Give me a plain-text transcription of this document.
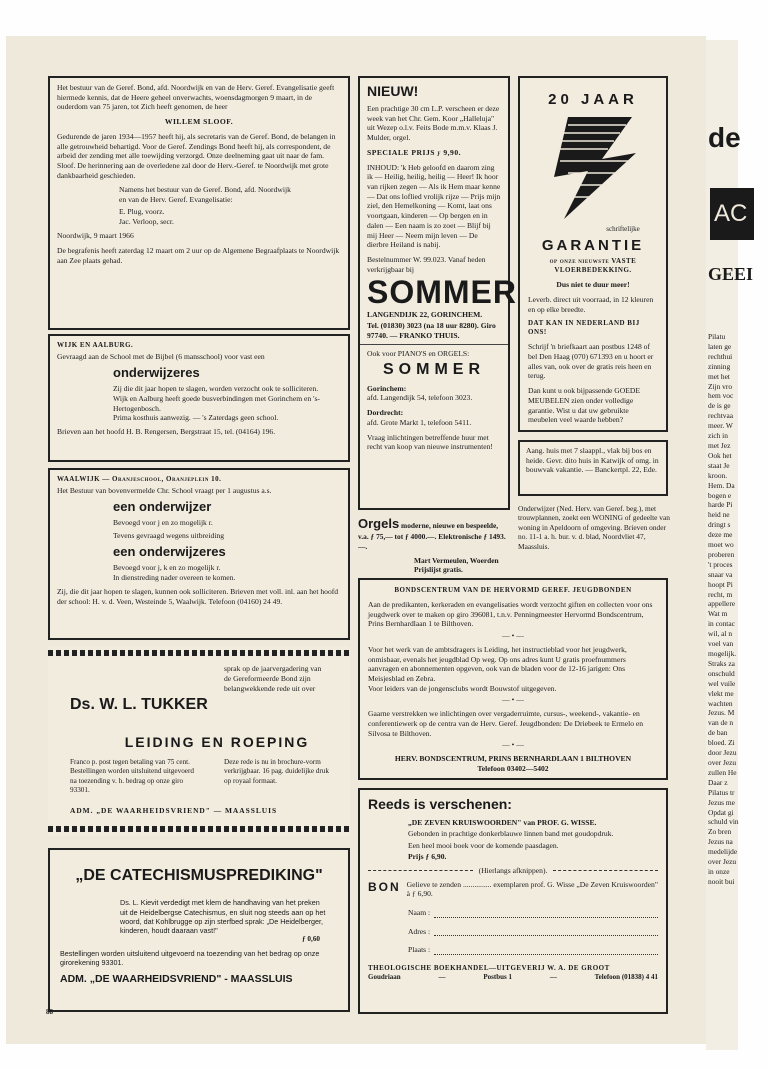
Het bestuur van de Geref. Bond, afd. Noordwijk en van de Herv. Geref. Evangelisatie geeft hiermede kennis, dat de Heere geheel onverwachts, woensdagmorgen 9 maart, in de ouderdom van 75 jaren, tot Zich heeft genomen, de heer

WILLEM SLOOF.

Gedurende de jaren 1934—1957 heeft hij, als secretaris van de Geref. Bond, de belangen in alle getrouwheid behartigd. Voor de Geref. Zendings Bond heeft hij, als correspondent, de arbeid der zending met alle toewijding verzorgd. Onze deelneming gaat uit naar de fam. Sloof. De herinnering aan de overledene zal door de Herv.-Geref. te Noordwijk met grote dankbaarheid geschieden.

Namens het bestuur van de Geref. Bond, afd. Noordwijk

en van de Herv. Geref. Evangelisatie:

E. Plug, voorz.

Jac. Verloop, secr.

Noordwijk, 9 maart 1966

De begrafenis heeft zaterdag 12 maart om 2 uur op de Algemene Begraafplaats te Noordwijk aan Zee plaats gehad.

WIJK EN AALBURG.

Gevraagd aan de School met de Bijbel (6 mansschool) voor vast een

onderwijzeres

Zij die dit jaar hopen te slagen, worden verzocht ook te solliciteren.

Wijk en Aalburg heeft goede busverbindingen met Gorinchem en 's-Hertogenbosch.

Prima kosthuis aanwezig. — 's Zaterdags geen school.

Brieven aan het hoofd H. B. Rengersen, Bergstraat 15, tel. (04164) 196.

WAALWIJK — Oranjeschool, Oranjeplein 10.

Het Bestuur van bovenvermelde Chr. School vraagt per 1 augustus a.s.

een onderwijzer

Bevoegd voor j en zo mogelijk r.

Tevens gevraagd wegens uitbreiding

een onderwijzeres

Bevoegd voor j, k en zo mogelijk r.

In dienstreding nader overeen te komen.

Zij, die dit jaar hopen te slagen, kunnen ook solliciteren. Brieven met voll. inl. aan het hoofd der school: H. v. d. Veen, Westeinde 5, Waalwijk. Telefoon (04160) 24 49.

Ds. W. L. TUKKER
sprak op de jaarvergadering van de Gereformeerde Bond zijn belangwekkende rede uit over
LEIDING EN ROEPING
Franco p. post tegen betaling van 75 cent. Bestellingen worden uitsluitend uitgevoerd na toezending v. h. bedrag op onze giro 93301.
Deze rede is nu in brochure-vorm verkrijgbaar. 16 pag. duidelijke druk op royaal formaat.
ADM. „DE WAARHEIDSVRIEND" — MAASSLUIS
„DE CATECHISMUSPREDIKING"

Ds. L. Kievit verdedigt met klem de handhaving van het preken uit de Heidelbergse Catechismus, en sluit nog steeds aan op het woord, dat Kohlbrugge op zijn sterfbed sprak: „De Heidelberger, kinderen, houdt daaraan vast!"

ƒ 0,60

Bestellingen worden uitsluitend uitgevoerd na toezending van het bedrag op onze girorekening 93301.

ADM. „DE WAARHEIDSVRIEND" - MAASSLUIS
NIEUW!

Een prachtige 30 cm L.P. verscheen er deze week van het Chr. Gem. Koor „Halleluja" uit Wezep o.l.v. Feits Bode m.m.v. Klaas J. Mulder, orgel.

SPECIALE PRIJS ƒ 9,90.

INHOUD: 'k Heb geloofd en daarom zing ik — Heilig, heilig, heilig — Heer! Ik hoor van rijken zegen — Als ik Hem maar kenne — Dat ons loflied vrolijk rijze — Prijs mijn ziel, den Hemelkoning — Komt, laat ons voortgaan, kinderen — Op bergen en in dalen — Een naam is zo zoet — Blijf bij mij Heer — Neem mijn leven — De dierbre Heiland is nabij.

Bestelnummer W. 99.023. Vanaf heden verkrijgbaar bij

SOMMER

LANGENDIJK 22, GORINCHEM.

Tel. (01830) 3023 (na 18 uur 8280). Giro 97740. — FRANKO THUIS.

Ook voor PIANO'S en ORGELS:

SOMMER

Gorinchem:

afd. Langendijk 54, telefoon 3023.

Dordrecht:

afd. Grote Markt 1, telefoon 5411.

Vraag inlichtingen betreffende huur met recht van koop van nieuwe instrumenten!

Orgels moderne, nieuwe en bespeelde, v.a. ƒ 75,— tot ƒ 4000.—. Elektronische ƒ 1493.—.
Mart Vermeulen, Woerden
Prijslijst gratis.
20 JAAR
schriftelijke
GARANTIE

op onze nieuwste VASTE VLOERBEDEKKING.

Dus niet te duur meer!

Leverb. direct uit voorraad, in 12 kleuren en op elke breedte.

DAT KAN IN NEDERLAND BIJ ONS!

Schrijf 'n briefkaart aan postbus 1248 of bel Den Haag (070) 671393 en u hoort er alles van, ook over de gratis reis heen en terug.

Dan kunt u ook bijpassende GOEDE MEUBELEN zien onder volledige garantie. Wist u dat uw gebruikte meubelen veel waarde hebben?

Aang. huis met 7 slaappl., vlak bij bos en heide. Gevr. dito huis in Katwijk of omg. in bouwvak vakantie. — Banckertpl. 22, Ede.

Onderwijzer (Ned. Herv. van Geref. beg.), met trouwplannen, zoekt een WONING of gedeelte van woning in Apeldoorn of omgeving. Brieven onder no. 11-1 a. h. bur. v. d. blad, Noordvliet 47, Maassluis.

BONDSCENTRUM VAN DE HERVORMD GEREF. JEUGDBONDEN

Aan de predikanten, kerkeraden en evangelisaties wordt verzocht giften en collecten voor ons jeugdwerk over te maken op giro 396081, t.n.v. Penningmeester Hervormd Bondscentrum, Prins Bernhardlaan 1 te Bilthoven.

— • —

Voor het werk van de ambtsdragers is Leiding, het instructieblad voor het jeugdwerk, onmisbaar, evenals het jeugdblad Op weg. Op ons adres kunt U gratis proefnummers aanvragen en abonnementen opgeven, ook van de bladen voor de 12-16 jarigen: Ons Meisjesblad en Zebra.

Voor leiders van de jongensclubs wordt Bouwstof uitgegeven.

— • —

Gaarne verstrekken we inlichtingen over vergaderruimte, cursus-, weekend-, vakantie- en conferentiewerk op de centra van de Herv. Geref. Jeugdbonden: De Driebeek te Ermelo en Silvosa te Bilthoven.

— • —

HERV. BONDSCENTRUM, PRINS BERNHARDLAAN 1 BILTHOVEN

Telefoon 03402—5402

Reeds is verschenen:

„DE ZEVEN KRUISWOORDEN" van PROF. G. WISSE.

Gebonden in prachtige donkerblauwe linnen band met goudopdruk.

Een heel mooi boek voor de komende paasdagen.

Prijs ƒ 6,90.

(Hierlangs afknippen).
BON Gelieve te zenden ............... exemplaren prof. G. Wisse „De Zeven Kruiswoorden" à ƒ 6,90.
Naam :
Adres :
Plaats :
THEOLOGISCHE BOEKHANDEL—UITGEVERIJ W. A. DE GROOT
Goudriaan	—	Postbus 1	—	Telefoon (01838) 4 41
88
de
AC
GEEI
Pilatu
laten ge
rechthui
zinning
met het
Zijn vro
hem voc
de is ge
rechtvaa
meer. W
zich in
met Jez
Ook het
staat Je
kroon.
Hem. Da
bogen e
harde Pi
heid ne
dringt s
deze me
moet wo
proberen
't proces
snaar va
hoopt Pi
recht, m
appellere
Wat m
in contac
wil, al n
voel van
mogelijk.
Straks za
onschuld
wel vuile
vlekt me
wachten
Jezus. M
van de n
de ban
bloed. Zi
door Jezu
over Jezu
zullen He
Daar z
Pilatus tr
Jezus me
Opdat gi
schuld vin
Zo bren
Jezus na
medelijde
over Jezu
in onze
nooit bui
